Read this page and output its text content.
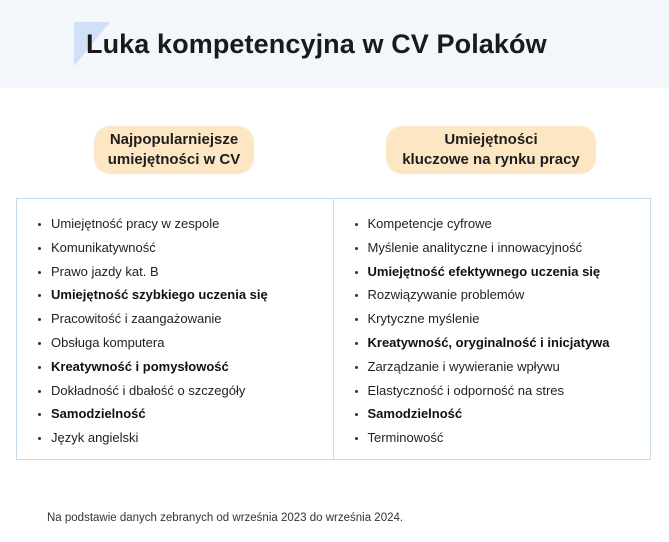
Luka kompetencyjna w CV Polaków
Najpopularniejsze
umiejętności w CV
Umiejętności
kluczowe na rynku pracy
Umiejętność pracy w zespole
Komunikatywność
Prawo jazdy kat. B
Umiejętność szybkiego uczenia się
Pracowitość i zaangażowanie
Obsługa komputera
Kreatywność i pomysłowość
Dokładność i dbałość o szczegóły
Samodzielność
Język angielski
Kompetencje cyfrowe
Myślenie analityczne i innowacyjność
Umiejętność efektywnego uczenia się
Rozwiązywanie problemów
Krytyczne myślenie
Kreatywność, oryginalność i inicjatywa
Zarządzanie i wywieranie wpływu
Elastyczność i odporność na stres
Samodzielność
Terminowość
Na podstawie danych zebranych od września 2023 do września 2024.
